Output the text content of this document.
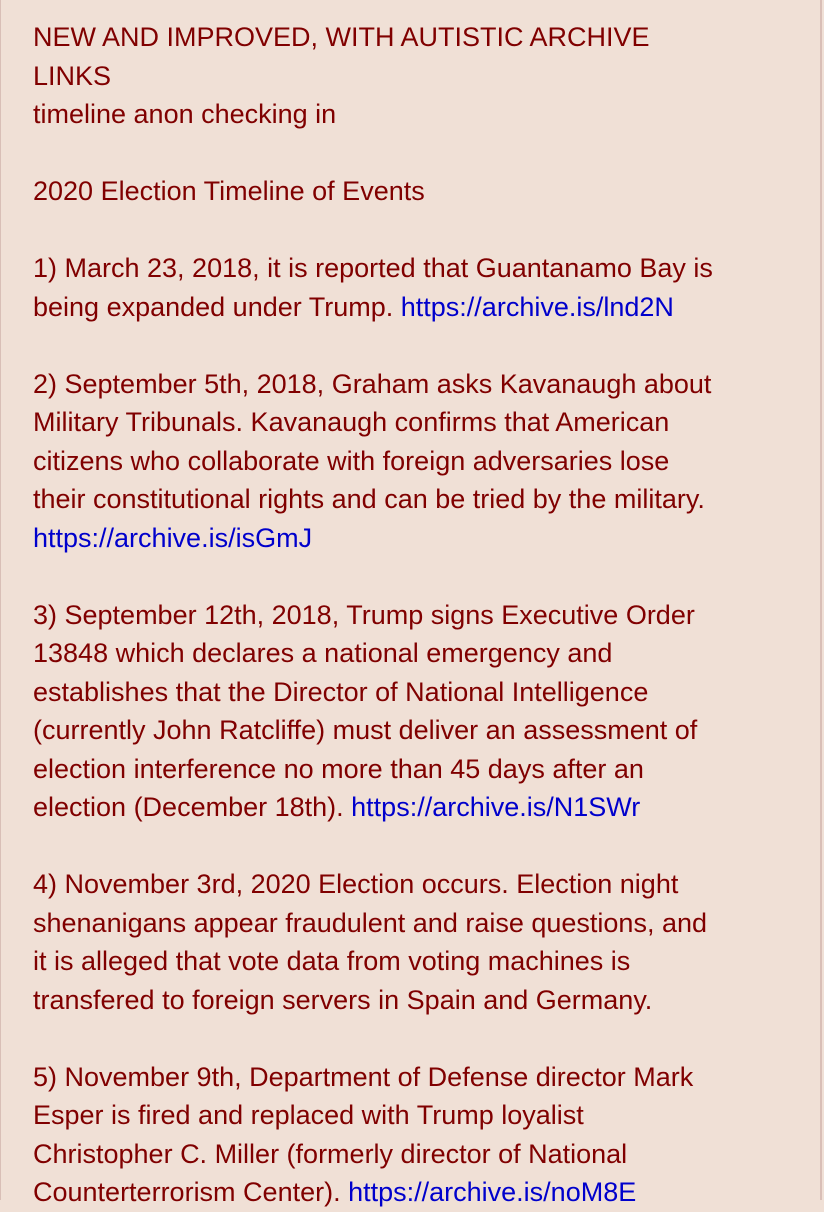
NEW AND IMPROVED, WITH AUTISTIC ARCHIVE
LINKS
timeline anon checking in
2020 Election Timeline of Events
1) March 23, 2018, it is reported that Guantanamo Bay is
being expanded under Trump. https://archive.is/lnd2N
2) September 5th, 2018, Graham asks Kavanaugh about
Military Tribunals. Kavanaugh confirms that American
citizens who collaborate with foreign adversaries lose
their constitutional rights and can be tried by the military.
https://archive.is/isGmJ
3) September 12th, 2018, Trump signs Executive Order
13848 which declares a national emergency and
establishes that the Director of National Intelligence
(currently John Ratcliffe) must deliver an assessment of
election interference no more than 45 days after an
election (December 18th). https://archive.is/N1SWr
4) November 3rd, 2020 Election occurs. Election night
shenanigans appear fraudulent and raise questions, and
it is alleged that vote data from voting machines is
transfered to foreign servers in Spain and Germany.
5) November 9th, Department of Defense director Mark
Esper is fired and replaced with Trump loyalist
Christopher C. Miller (formerly director of National
Counterterrorism Center). https://archive.is/noM8E
